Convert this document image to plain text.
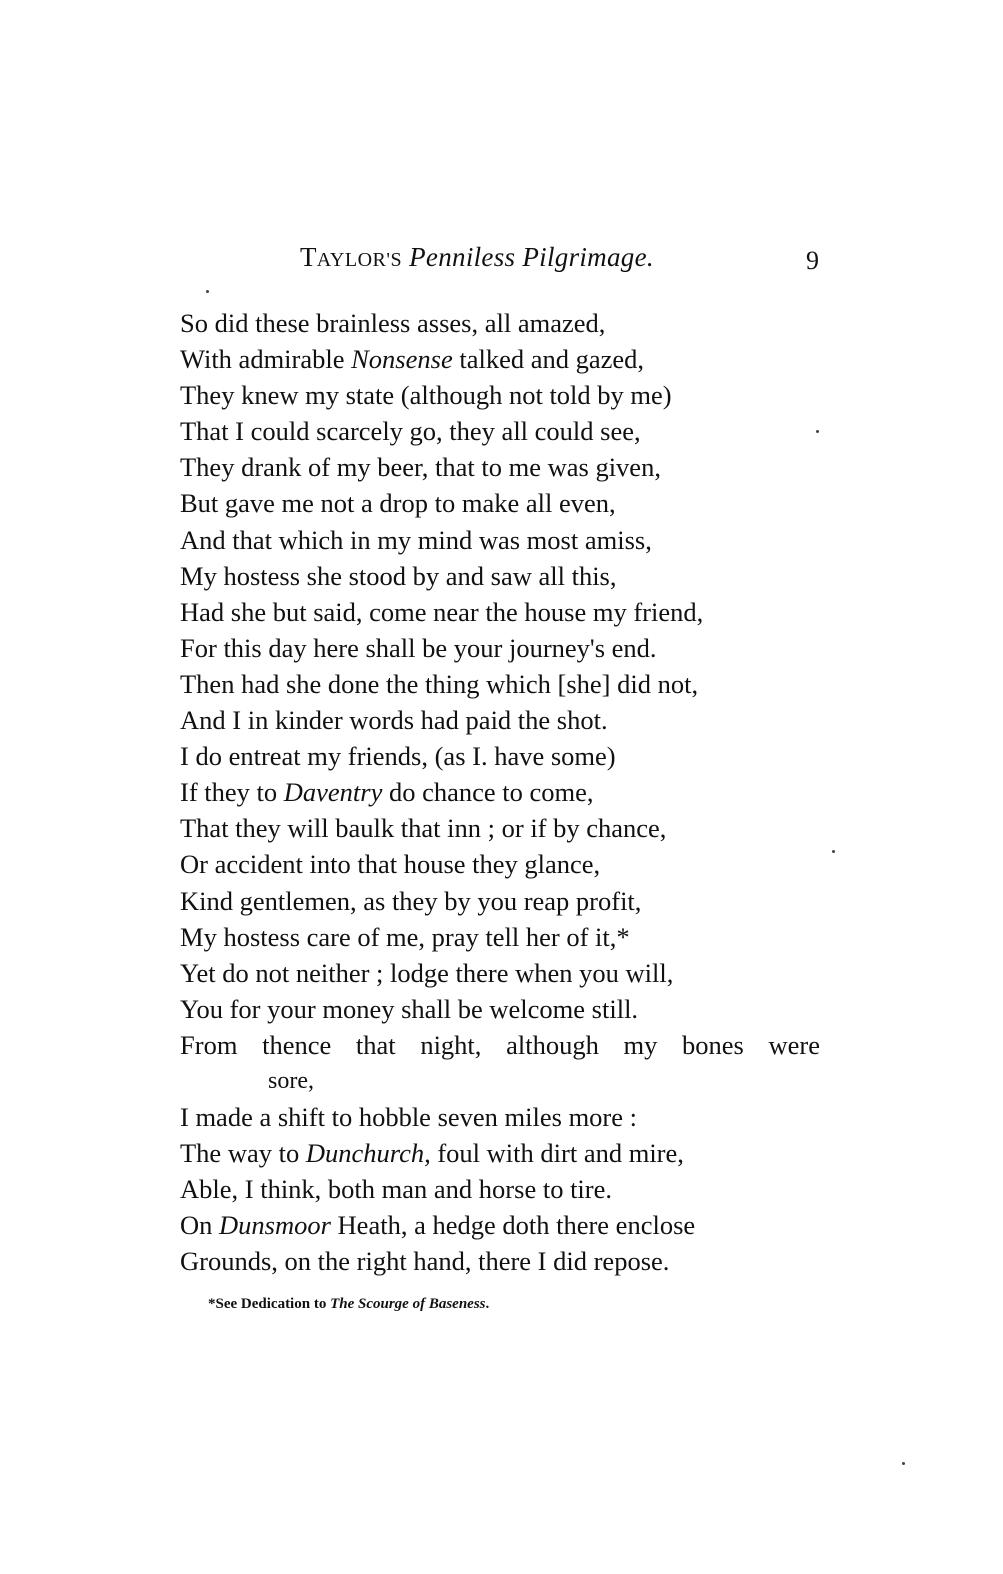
TAYLOR'S Penniless Pilgrimage.	9
So did these brainless asses, all amazed,
With admirable Nonsense talked and gazed,
They knew my state (although not told by me)
That I could scarcely go, they all could see,
They drank of my beer, that to me was given,
But gave me not a drop to make all even,
And that which in my mind was most amiss,
My hostess she stood by and saw all this,
Had she but said, come near the house my friend,
For this day here shall be your journey's end.
Then had she done the thing which [she] did not,
And I in kinder words had paid the shot.
I do entreat my friends, (as I. have some)
If they to Daventry do chance to come,
That they will baulk that inn ; or if by chance,
Or accident into that house they glance,
Kind gentlemen, as they by you reap profit,
My hostess care of me, pray tell her of it,*
Yet do not neither ; lodge there when you will,
You for your money shall be welcome still.
From thence that night, although my bones were
sore,
I made a shift to hobble seven miles more :
The way to Dunchurch, foul with dirt and mire,
Able, I think, both man and horse to tire.
On Dunsmoor Heath, a hedge doth there enclose
Grounds, on the right hand, there I did repose.
*See Dedication to The Scourge of Baseness.
